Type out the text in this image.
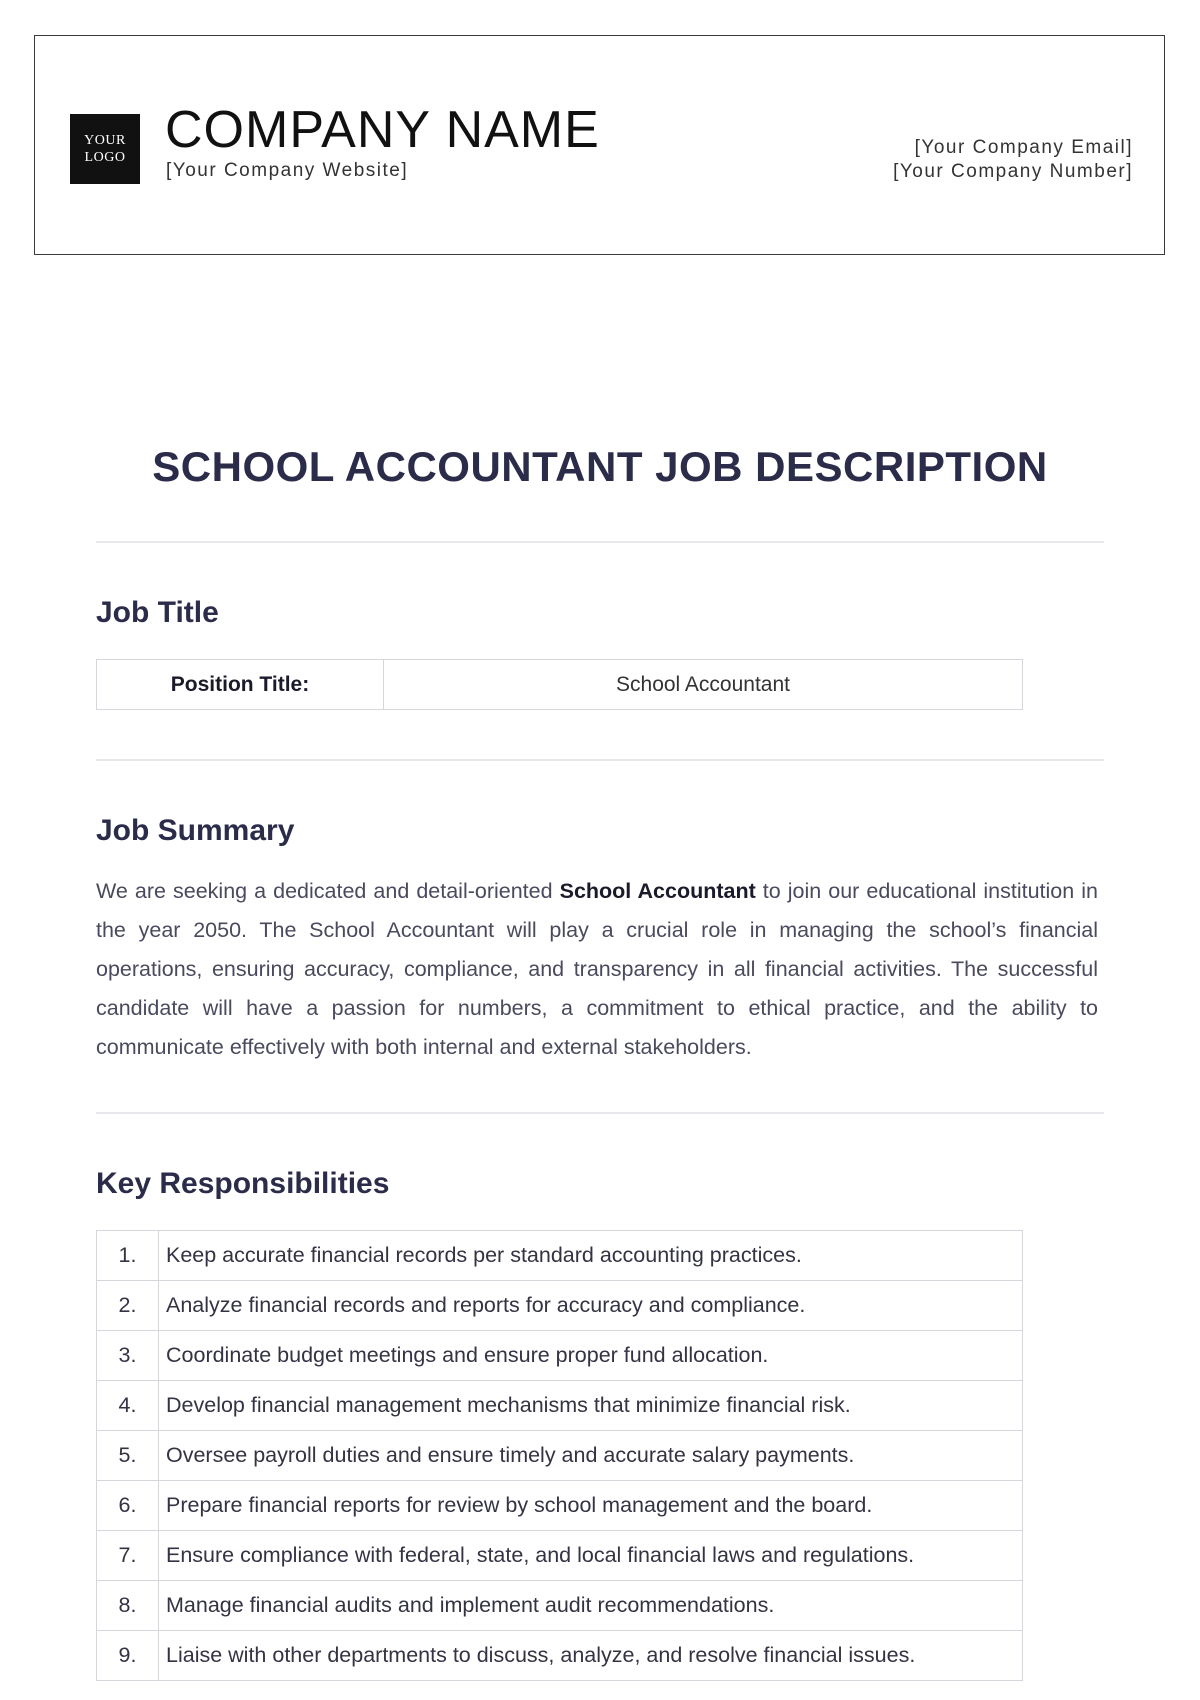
YOUR
LOGO COMPANY NAME
[Your Company Website]
[Your Company Email]
[Your Company Number]
SCHOOL ACCOUNTANT JOB DESCRIPTION
Job Title
Position Title:	School Accountant
Job Summary

We are seeking a dedicated and detail-oriented School Accountant to join our educational institution in the year 2050. The School Accountant will play a crucial role in managing the school’s financial operations, ensuring accuracy, compliance, and transparency in all financial activities. The successful candidate will have a passion for numbers, a commitment to ethical practice, and the ability to communicate effectively with both internal and external stakeholders.

Key Responsibilities
1.	Keep accurate financial records per standard accounting practices.
2.	Analyze financial records and reports for accuracy and compliance.
3.	Coordinate budget meetings and ensure proper fund allocation.
4.	Develop financial management mechanisms that minimize financial risk.
5.	Oversee payroll duties and ensure timely and accurate salary payments.
6.	Prepare financial reports for review by school management and the board.
7.	Ensure compliance with federal, state, and local financial laws and regulations.
8.	Manage financial audits and implement audit recommendations.
9.	Liaise with other departments to discuss, analyze, and resolve financial issues.
